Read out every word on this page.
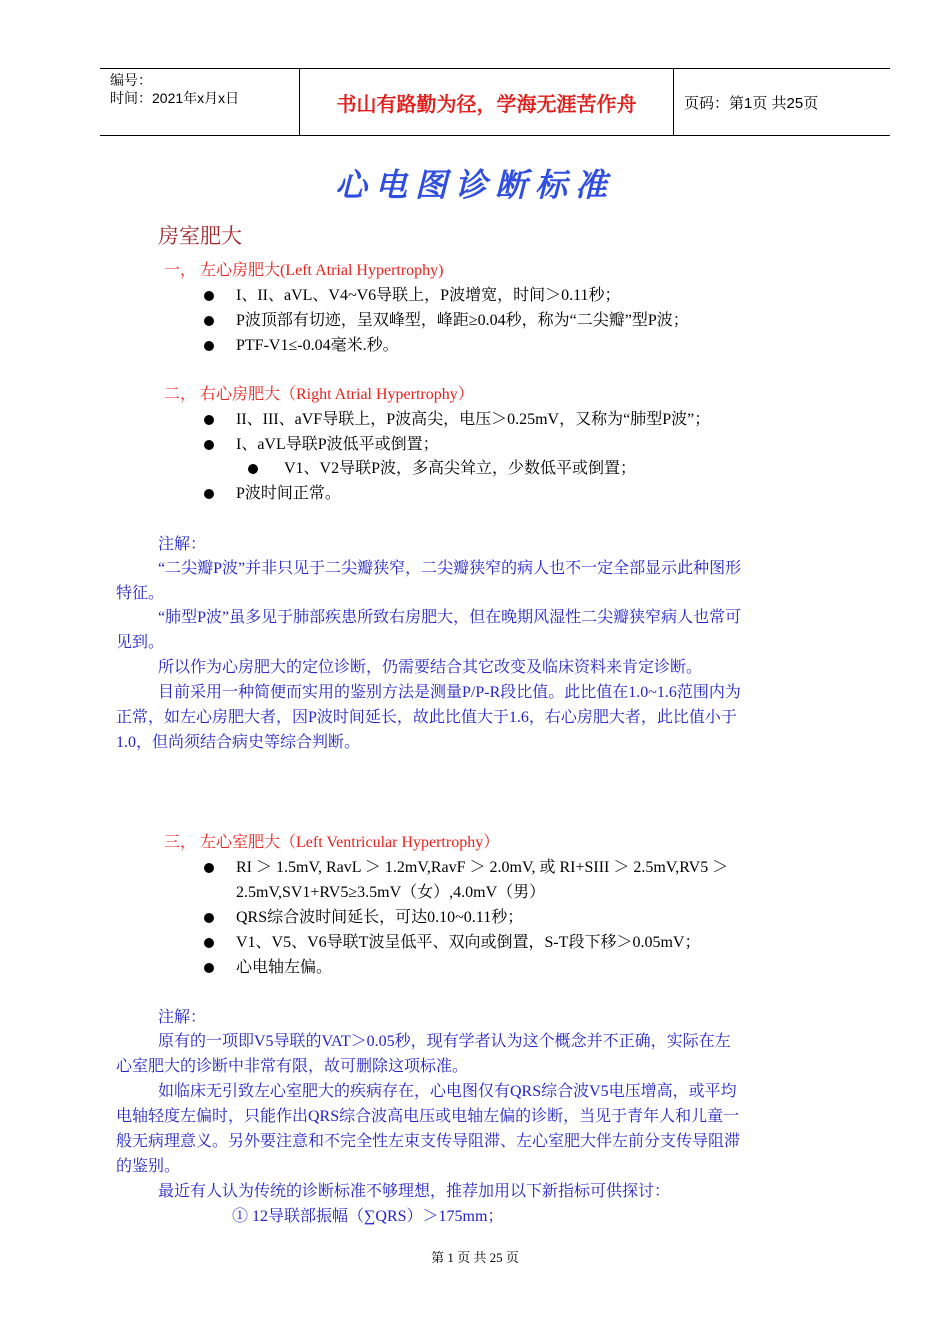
编号：
时间：2021年x月x日	书山有路勤为径，学海无涯苦作舟	页码：第1页 共25页
心电图诊断标准
房室肥大
一， 左心房肥大(Left Atrial Hypertrophy)
I、II、aVL、V4~V6导联上，P波增宽，时间＞0.11秒；
P波顶部有切迹，呈双峰型，峰距≥0.04秒，称为“二尖瓣”型P波；
PTF-V1≤-0.04毫米.秒。
二， 右心房肥大（Right Atrial Hypertrophy）
II、III、aVF导联上，P波高尖，电压＞0.25mV，又称为“肺型P波”；
I、aVL导联P波低平或倒置；
V1、V2导联P波，多高尖耸立，少数低平或倒置；
P波时间正常。
注解：
“二尖瓣P波”并非只见于二尖瓣狭窄，二尖瓣狭窄的病人也不一定全部显示此种图形
特征。
“肺型P波”虽多见于肺部疾患所致右房肥大，但在晚期风湿性二尖瓣狭窄病人也常可
见到。
所以作为心房肥大的定位诊断，仍需要结合其它改变及临床资料来肯定诊断。
目前采用一种简便而实用的鉴别方法是测量P/P-R段比值。此比值在1.0~1.6范围内为
正常，如左心房肥大者，因P波时间延长，故此比值大于1.6，右心房肥大者，此比值小于
1.0，但尚须结合病史等综合判断。
三， 左心室肥大（Left Ventricular Hypertrophy）
RI ＞ 1.5mV, RavL ＞ 1.2mV,RavF ＞ 2.0mV, 或 RI+SIII ＞ 2.5mV,RV5 ＞
2.5mV,SV1+RV5≥3.5mV（女）,4.0mV（男）
QRS综合波时间延长，可达0.10~0.11秒；
V1、V5、V6导联T波呈低平、双向或倒置，S-T段下移＞0.05mV；
心电轴左偏。
注解：
原有的一项即V5导联的VAT＞0.05秒，现有学者认为这个概念并不正确，实际在左
心室肥大的诊断中非常有限，故可删除这项标准。
如临床无引致左心室肥大的疾病存在，心电图仅有QRS综合波V5电压增高，或平均
电轴轻度左偏时，只能作出QRS综合波高电压或电轴左偏的诊断，当见于青年人和儿童一
般无病理意义。另外要注意和不完全性左束支传导阻滞、左心室肥大伴左前分支传导阻滞
的鉴别。
最近有人认为传统的诊断标准不够理想，推荐加用以下新指标可供探讨：
① 12导联部振幅（∑QRS）＞175mm；
第 1 页 共 25 页
